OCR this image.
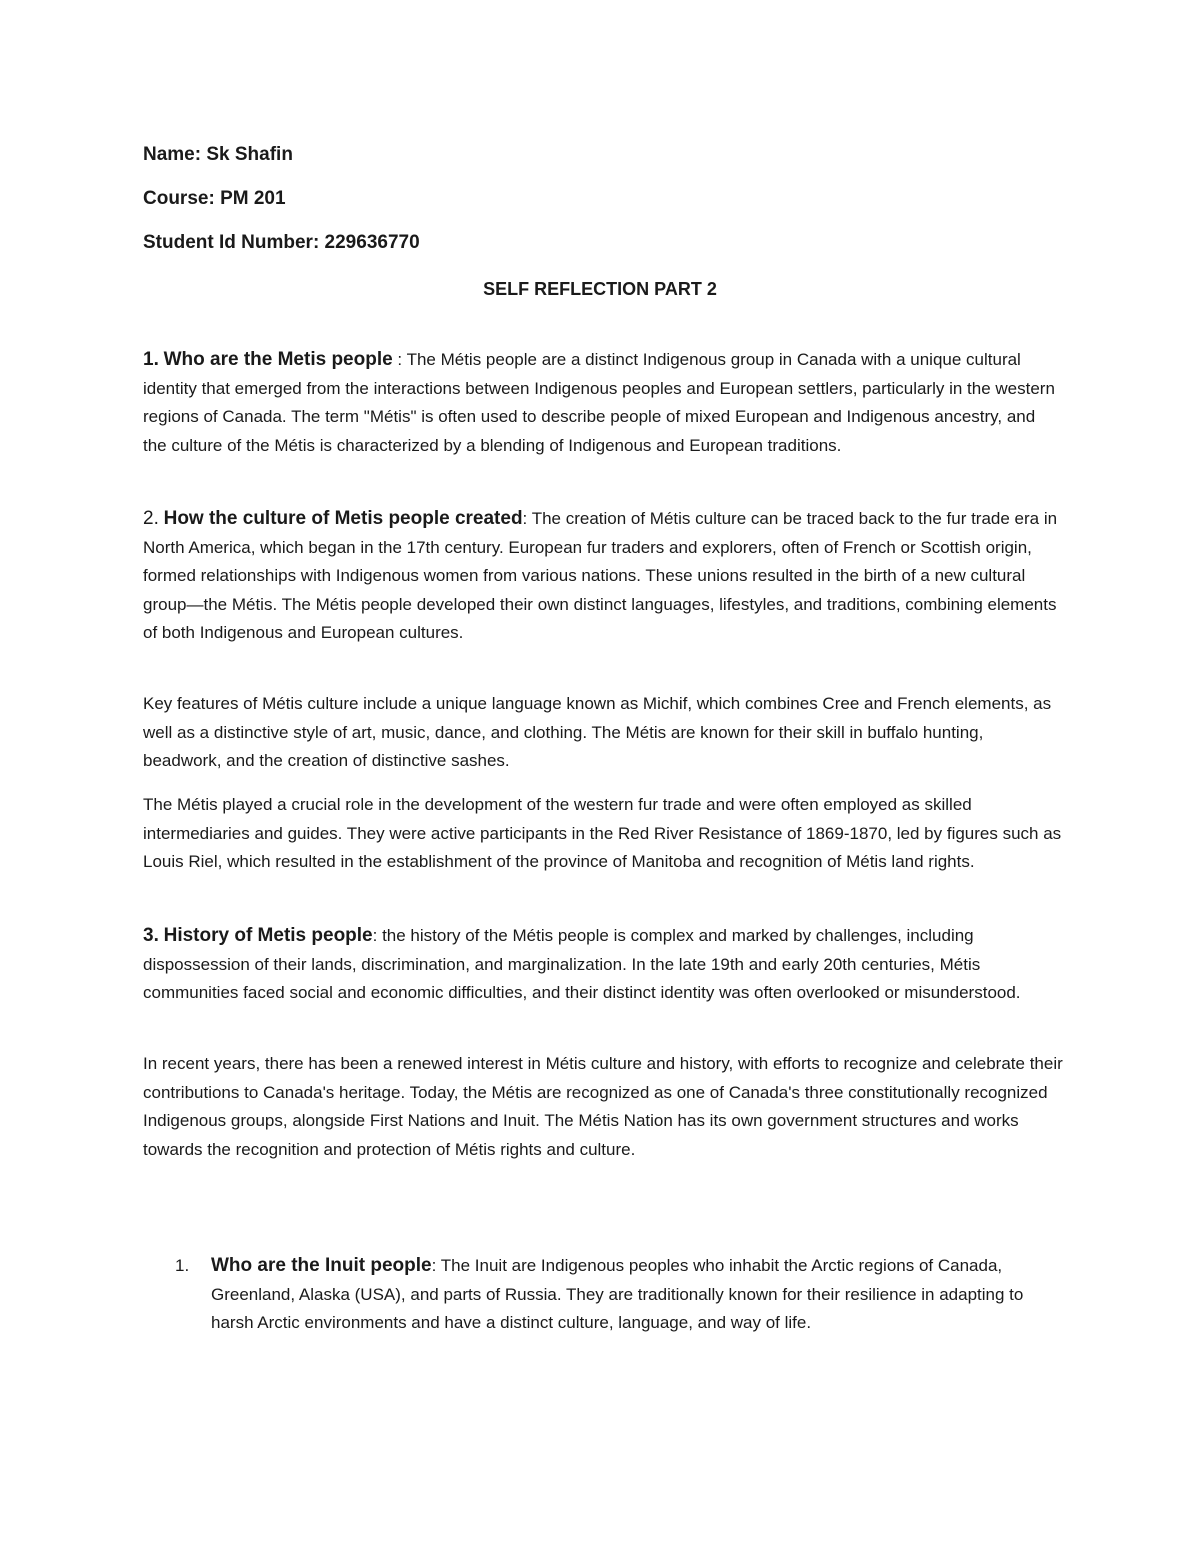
Name: Sk Shafin

Course: PM 201

Student Id Number: 229636770

SELF REFLECTION PART 2

1. Who are the Metis people : The Métis people are a distinct Indigenous group in Canada with a unique cultural identity that emerged from the interactions between Indigenous peoples and European settlers, particularly in the western regions of Canada. The term "Métis" is often used to describe people of mixed European and Indigenous ancestry, and the culture of the Métis is characterized by a blending of Indigenous and European traditions.

2. How the culture of Metis people created: The creation of Métis culture can be traced back to the fur trade era in North America, which began in the 17th century. European fur traders and explorers, often of French or Scottish origin, formed relationships with Indigenous women from various nations. These unions resulted in the birth of a new cultural group—the Métis. The Métis people developed their own distinct languages, lifestyles, and traditions, combining elements of both Indigenous and European cultures.

Key features of Métis culture include a unique language known as Michif, which combines Cree and French elements, as well as a distinctive style of art, music, dance, and clothing. The Métis are known for their skill in buffalo hunting, beadwork, and the creation of distinctive sashes.

The Métis played a crucial role in the development of the western fur trade and were often employed as skilled intermediaries and guides. They were active participants in the Red River Resistance of 1869-1870, led by figures such as Louis Riel, which resulted in the establishment of the province of Manitoba and recognition of Métis land rights.

3. History of Metis people: the history of the Métis people is complex and marked by challenges, including dispossession of their lands, discrimination, and marginalization. In the late 19th and early 20th centuries, Métis communities faced social and economic difficulties, and their distinct identity was often overlooked or misunderstood.

In recent years, there has been a renewed interest in Métis culture and history, with efforts to recognize and celebrate their contributions to Canada's heritage. Today, the Métis are recognized as one of Canada's three constitutionally recognized Indigenous groups, alongside First Nations and Inuit. The Métis Nation has its own government structures and works towards the recognition and protection of Métis rights and culture.

1. Who are the Inuit people: The Inuit are Indigenous peoples who inhabit the Arctic regions of Canada, Greenland, Alaska (USA), and parts of Russia. They are traditionally known for their resilience in adapting to harsh Arctic environments and have a distinct culture, language, and way of life.
